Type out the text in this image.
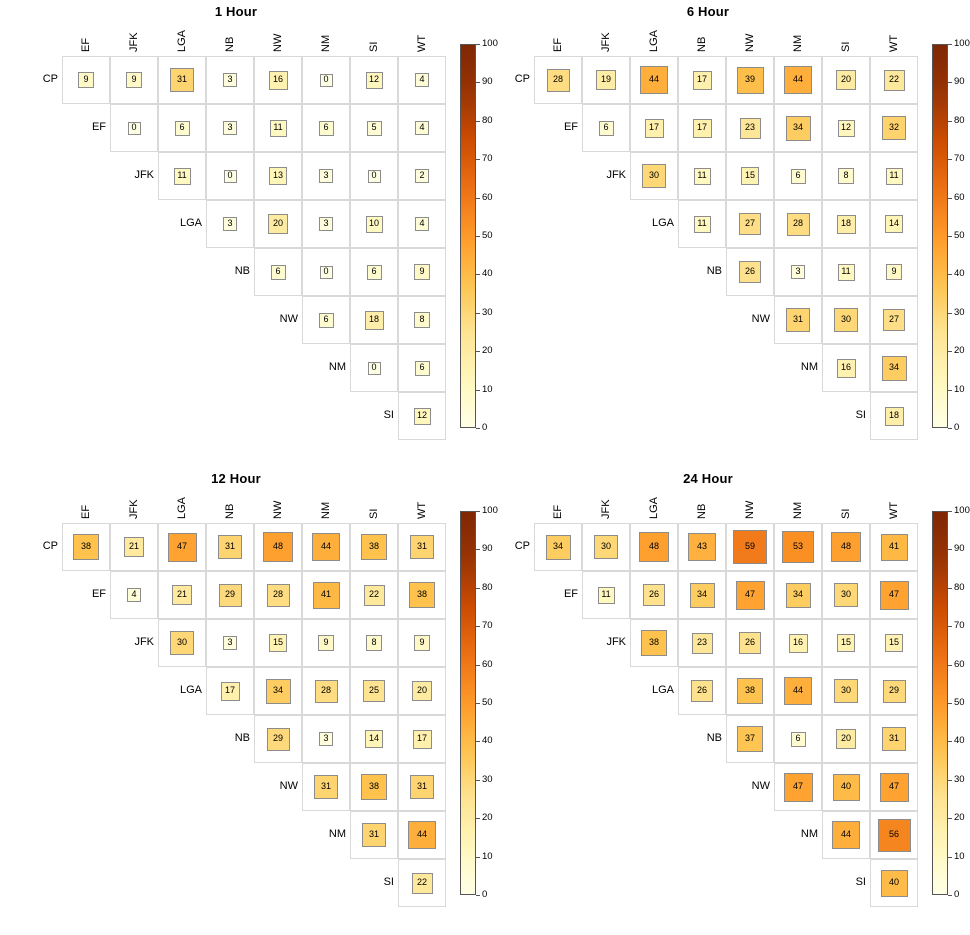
1 Hour
EF	JFK	LGA	NB	NW	NM	SI	WT
CP	9	9	31	3	16	0	12	4
EF	0	6	3	11	6	5	4
JFK	11	0	13	3	0	2
LGA	3	20	3	10	4
NB	6	0	6	9
NW	6	18	8
NM	0	6
SI	12
0
10
20
30
40
50
60
70
80
90
100
6 Hour
EF	JFK	LGA	NB	NW	NM	SI	WT
CP	28	19	44	17	39	44	20	22
EF	6	17	17	23	34	12	32
JFK	30	11	15	6	8	11
LGA	11	27	28	18	14
NB	26	3	11	9
NW	31	30	27
NM	16	34
SI	18
0
10
20
30
40
50
60
70
80
90
100
12 Hour
EF	JFK	LGA	NB	NW	NM	SI	WT
CP	38	21	47	31	48	44	38	31
EF	4	21	29	28	41	22	38
JFK	30	3	15	9	8	9
LGA	17	34	28	25	20
NB	29	3	14	17
NW	31	38	31
NM	31	44
SI	22
0
10
20
30
40
50
60
70
80
90
100
24 Hour
EF	JFK	LGA	NB	NW	NM	SI	WT
CP	34	30	48	43	59	53	48	41
EF	11	26	34	47	34	30	47
JFK	38	23	26	16	15	15
LGA	26	38	44	30	29
NB	37	6	20	31
NW	47	40	47
NM	44	56
SI	40
0
10
20
30
40
50
60
70
80
90
100
